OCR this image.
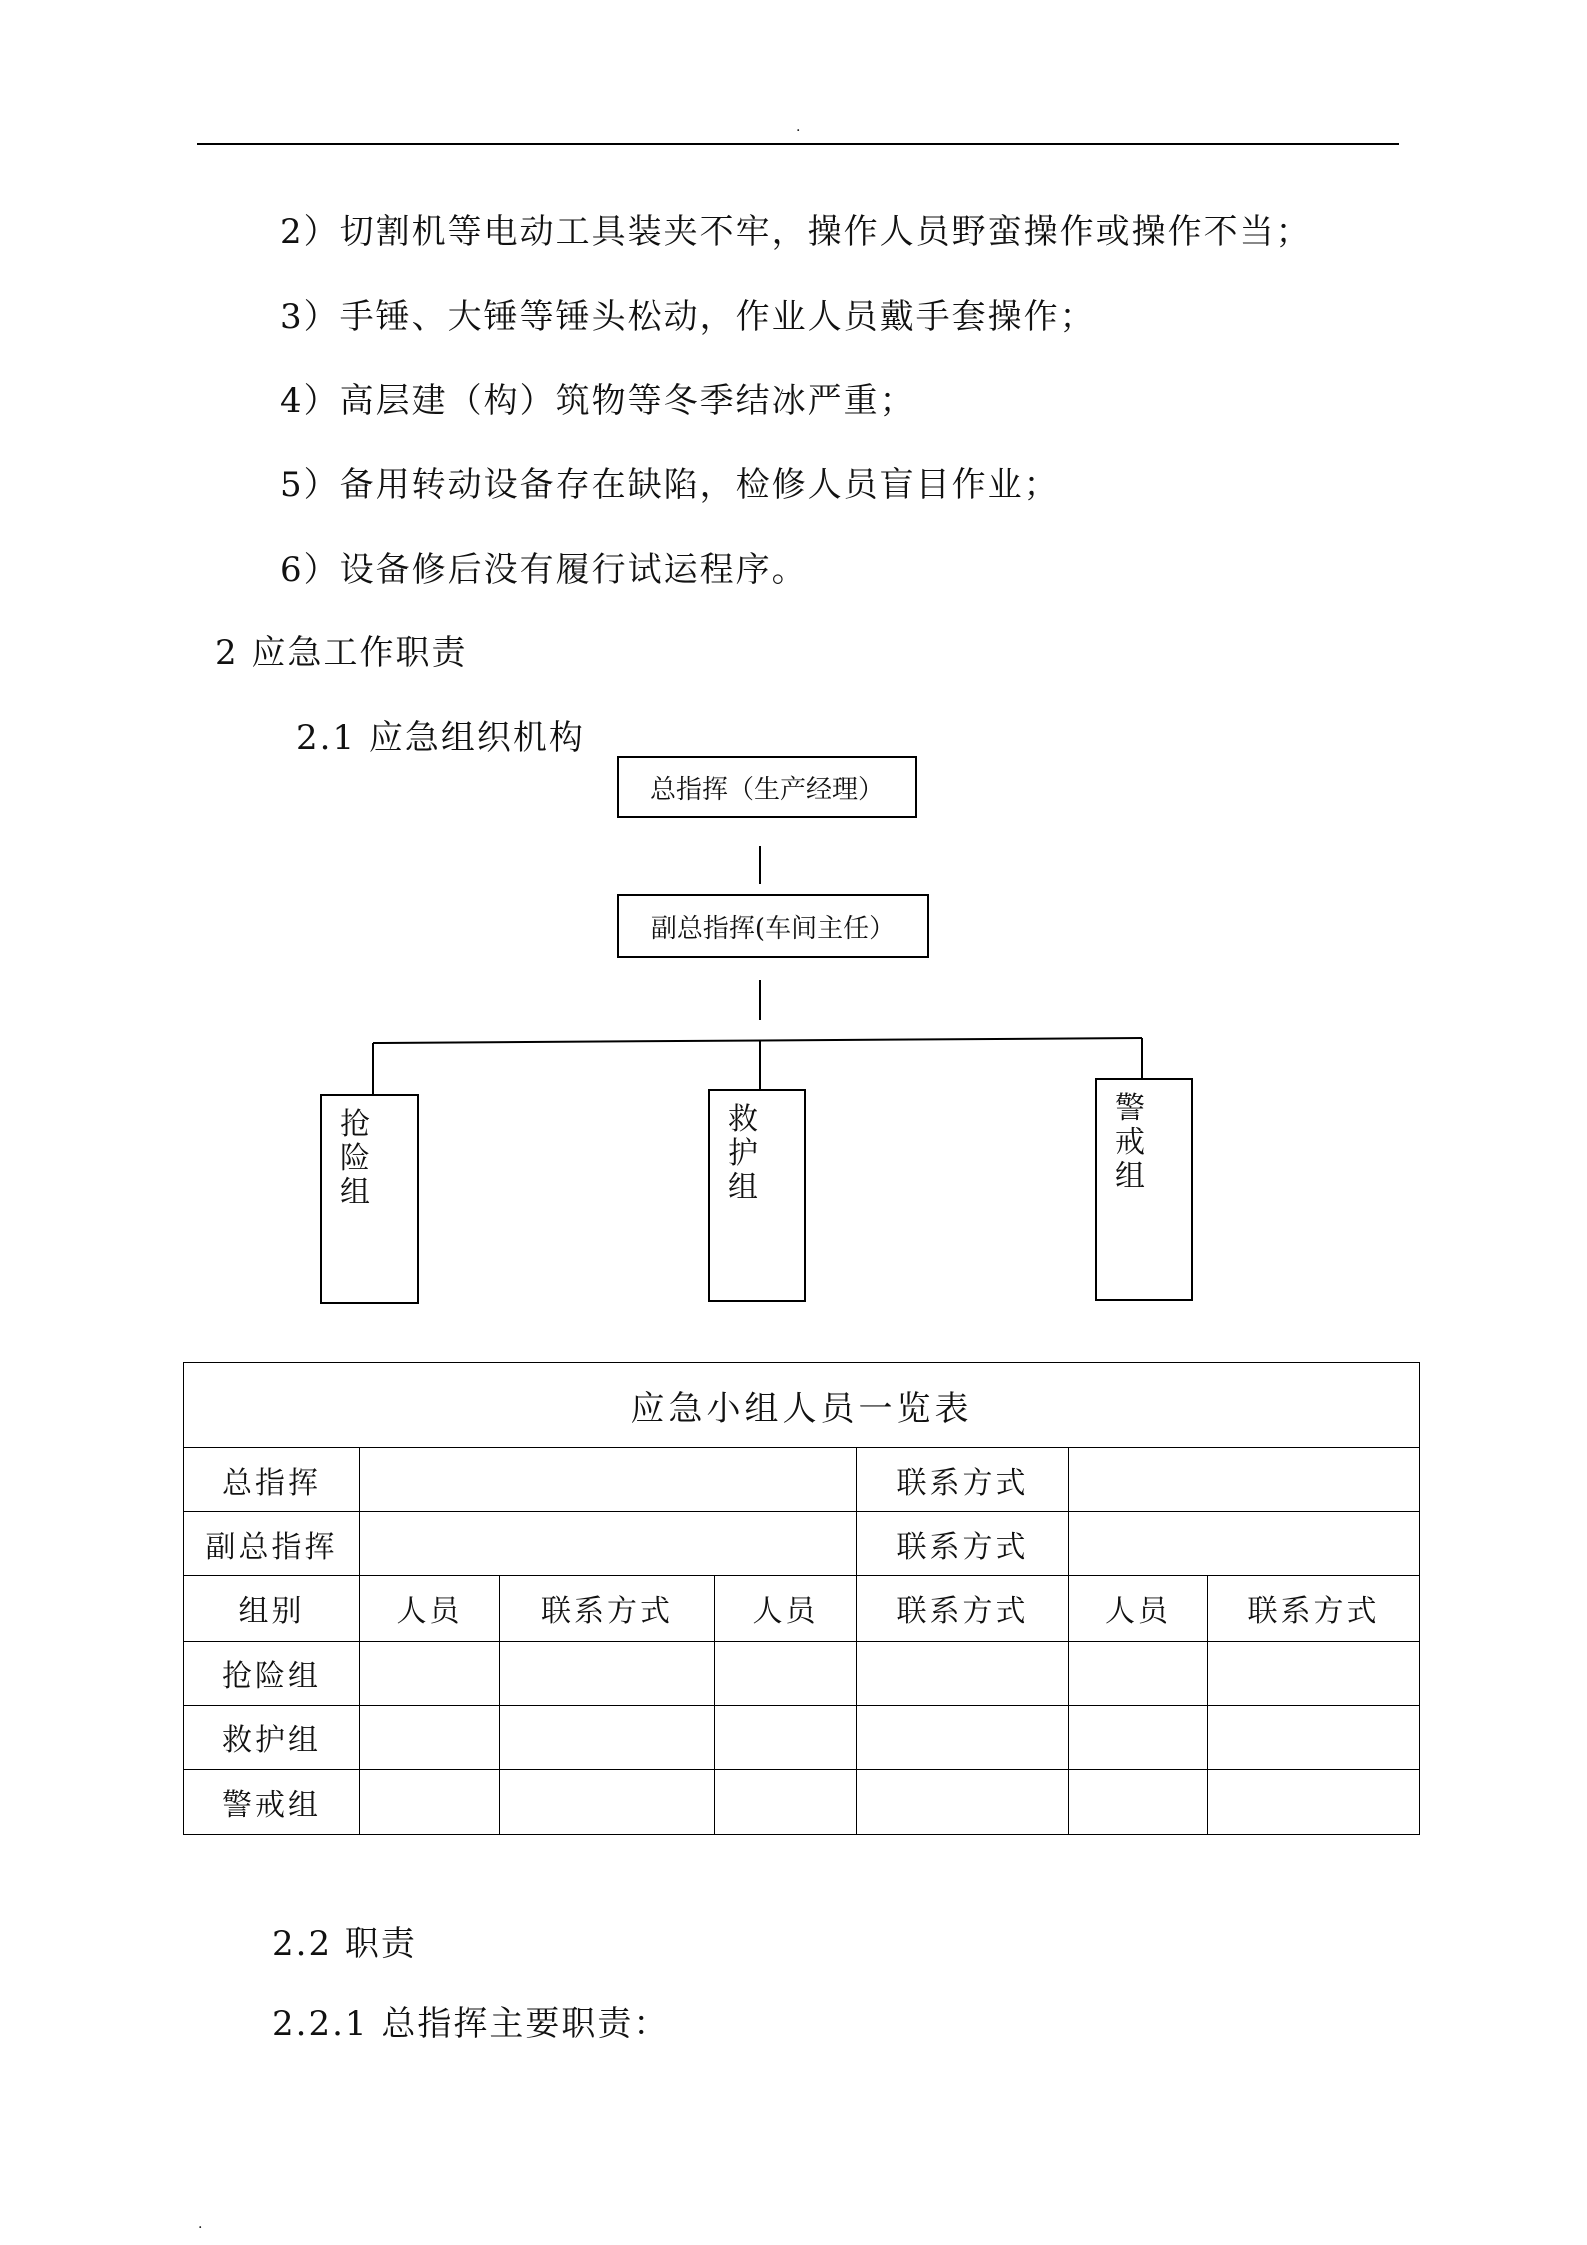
.
.
2）切割机等电动工具装夹不牢，操作人员野蛮操作或操作不当；
3）手锤、大锤等锤头松动，作业人员戴手套操作；
4）高层建（构）筑物等冬季结冰严重；
5）备用转动设备存在缺陷，检修人员盲目作业；
6）设备修后没有履行试运程序。
2 应急工作职责
2.1 应急组织机构
总指挥（生产经理）
副总指挥(车间主任）
抢
险
组
救
护
组
警
戒
组
应急小组人员一览表						
总指挥				联系方式		
副总指挥				联系方式		
组别	人员	联系方式	人员	联系方式	人员	联系方式
抢险组						
救护组						
警戒组						
2.2 职责
2.2.1 总指挥主要职责：
